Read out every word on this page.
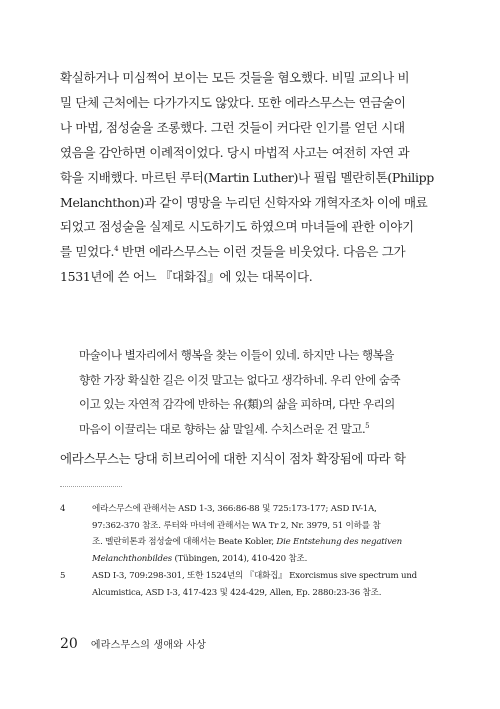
확실하거나 미심쩍어 보이는 모든 것들을 혐오했다. 비밀 교의나 비
밀 단체 근처에는 다가가지도 않았다. 또한 에라스무스는 연금술이
나 마법, 점성술을 조롱했다. 그런 것들이 커다란 인기를 얻던 시대
였음을 감안하면 이례적이었다. 당시 마법적 사고는 여전히 자연 과
학을 지배했다. 마르틴 루터(Martin Luther)나 필립 멜란히톤(Philipp
Melanchthon)과 같이 명망을 누리던 신학자와 개혁자조차 이에 매료
되었고 점성술을 실제로 시도하기도 하였으며 마녀들에 관한 이야기
를 믿었다.$^4$ 반면 에라스무스는 이런 것들을 비웃었다. 다음은 그가
1531년에 쓴 어느 『대화집』에 있는 대목이다.
마술이나 별자리에서 행복을 찾는 이들이 있네. 하지만 나는 행복을
향한 가장 확실한 길은 이것 말고는 없다고 생각하네. 우리 안에 숨죽
이고 있는 자연적 감각에 반하는 유(類)의 삶을 피하며, 다만 우리의
마음이 이끌리는 대로 향하는 삶 말일세. 수치스러운 건 말고.$^5$
에라스무스는 당대 히브리어에 대한 지식이 점차 확장됨에 따라 학
4	에라스무스에 관해서는 ASD 1-3, 366:86-88 및 725:173-177; ASD IV-1A,
97:362-370 참조. 루터와 마녀에 관해서는 WA Tr 2, Nr. 3979, 51 이하를 참
조. 멜란히톤과 점성술에 대해서는 Beate Kobler, Die Entstehung des negativen
Melanchthonbildes (Tübingen, 2014), 410-420 참조.
5	ASD I-3, 709:298-301, 또한 1524년의 『대화집』 Exorcismus sive spectrum und
Alcumistica, ASD I-3, 417-423 및 424-429, Allen, Ep. 2880:23-36 참조.
20 에라스무스의 생애와 사상
